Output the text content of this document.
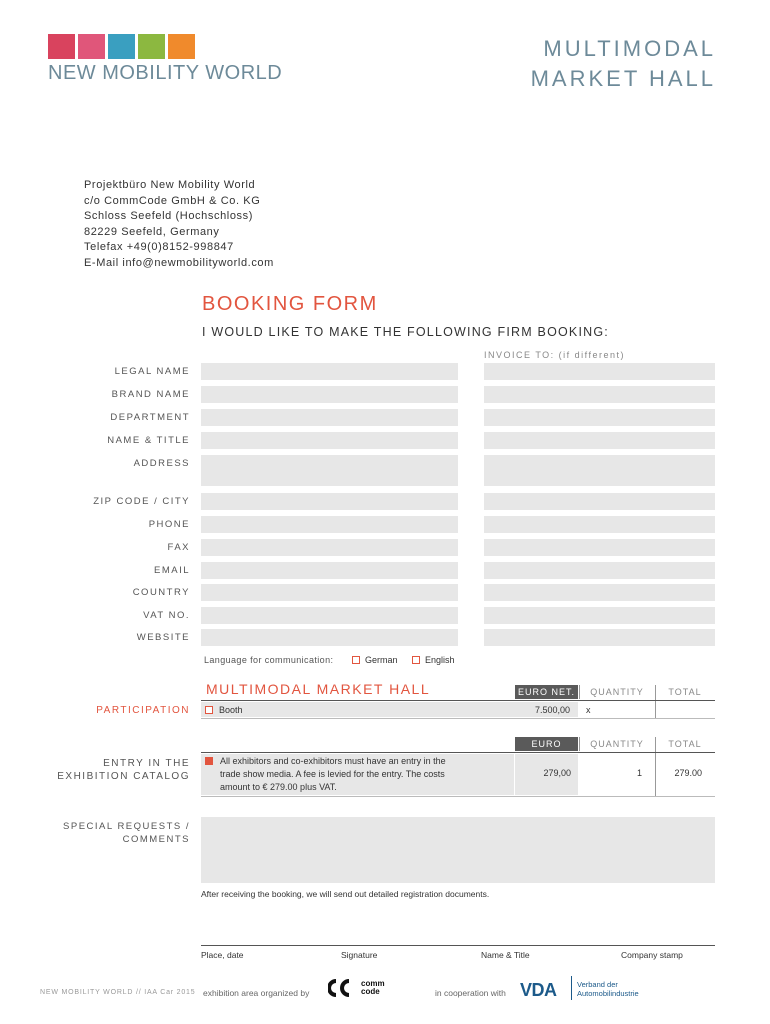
NEW MOBILITY WORLD
MULTIMODAL
MARKET HALL
Projektbüro New Mobility World
c/o CommCode GmbH & Co. KG
Schloss Seefeld (Hochschloss)
82229 Seefeld, Germany
Telefax +49(0)8152-998847
E-Mail info@newmobilityworld.com
BOOKING FORM
I WOULD LIKE TO MAKE THE FOLLOWING FIRM BOOKING:
INVOICE TO: (if different)
LEGAL NAME
BRAND NAME
DEPARTMENT
NAME & TITLE
ADDRESS
ZIP CODE / CITY
PHONE
FAX
EMAIL
COUNTRY
VAT NO.
WEBSITE
Language for communication:	German	English
MULTIMODAL MARKET HALL	EURO NET.	QUANTITY	TOTAL
PARTICIPATION	Booth	7.500,00 x
EURO	QUANTITY	TOTAL
ENTRY IN THE
EXHIBITION CATALOG
All exhibitors and co-exhibitors must have an entry in the
trade show media. A fee is levied for the entry. The costs
amount to € 279.00 plus VAT.
279,00	1	279.00
SPECIAL REQUESTS /
COMMENTS
After receiving the booking, we will send out detailed registration documents.
Place, date	Signature	Name & Title	Company stamp
NEW MOBILITY WORLD // IAA Car 2015 exhibition area organized by
comm
code	in cooperation with VDA	Verband der
Automobilindustrie
